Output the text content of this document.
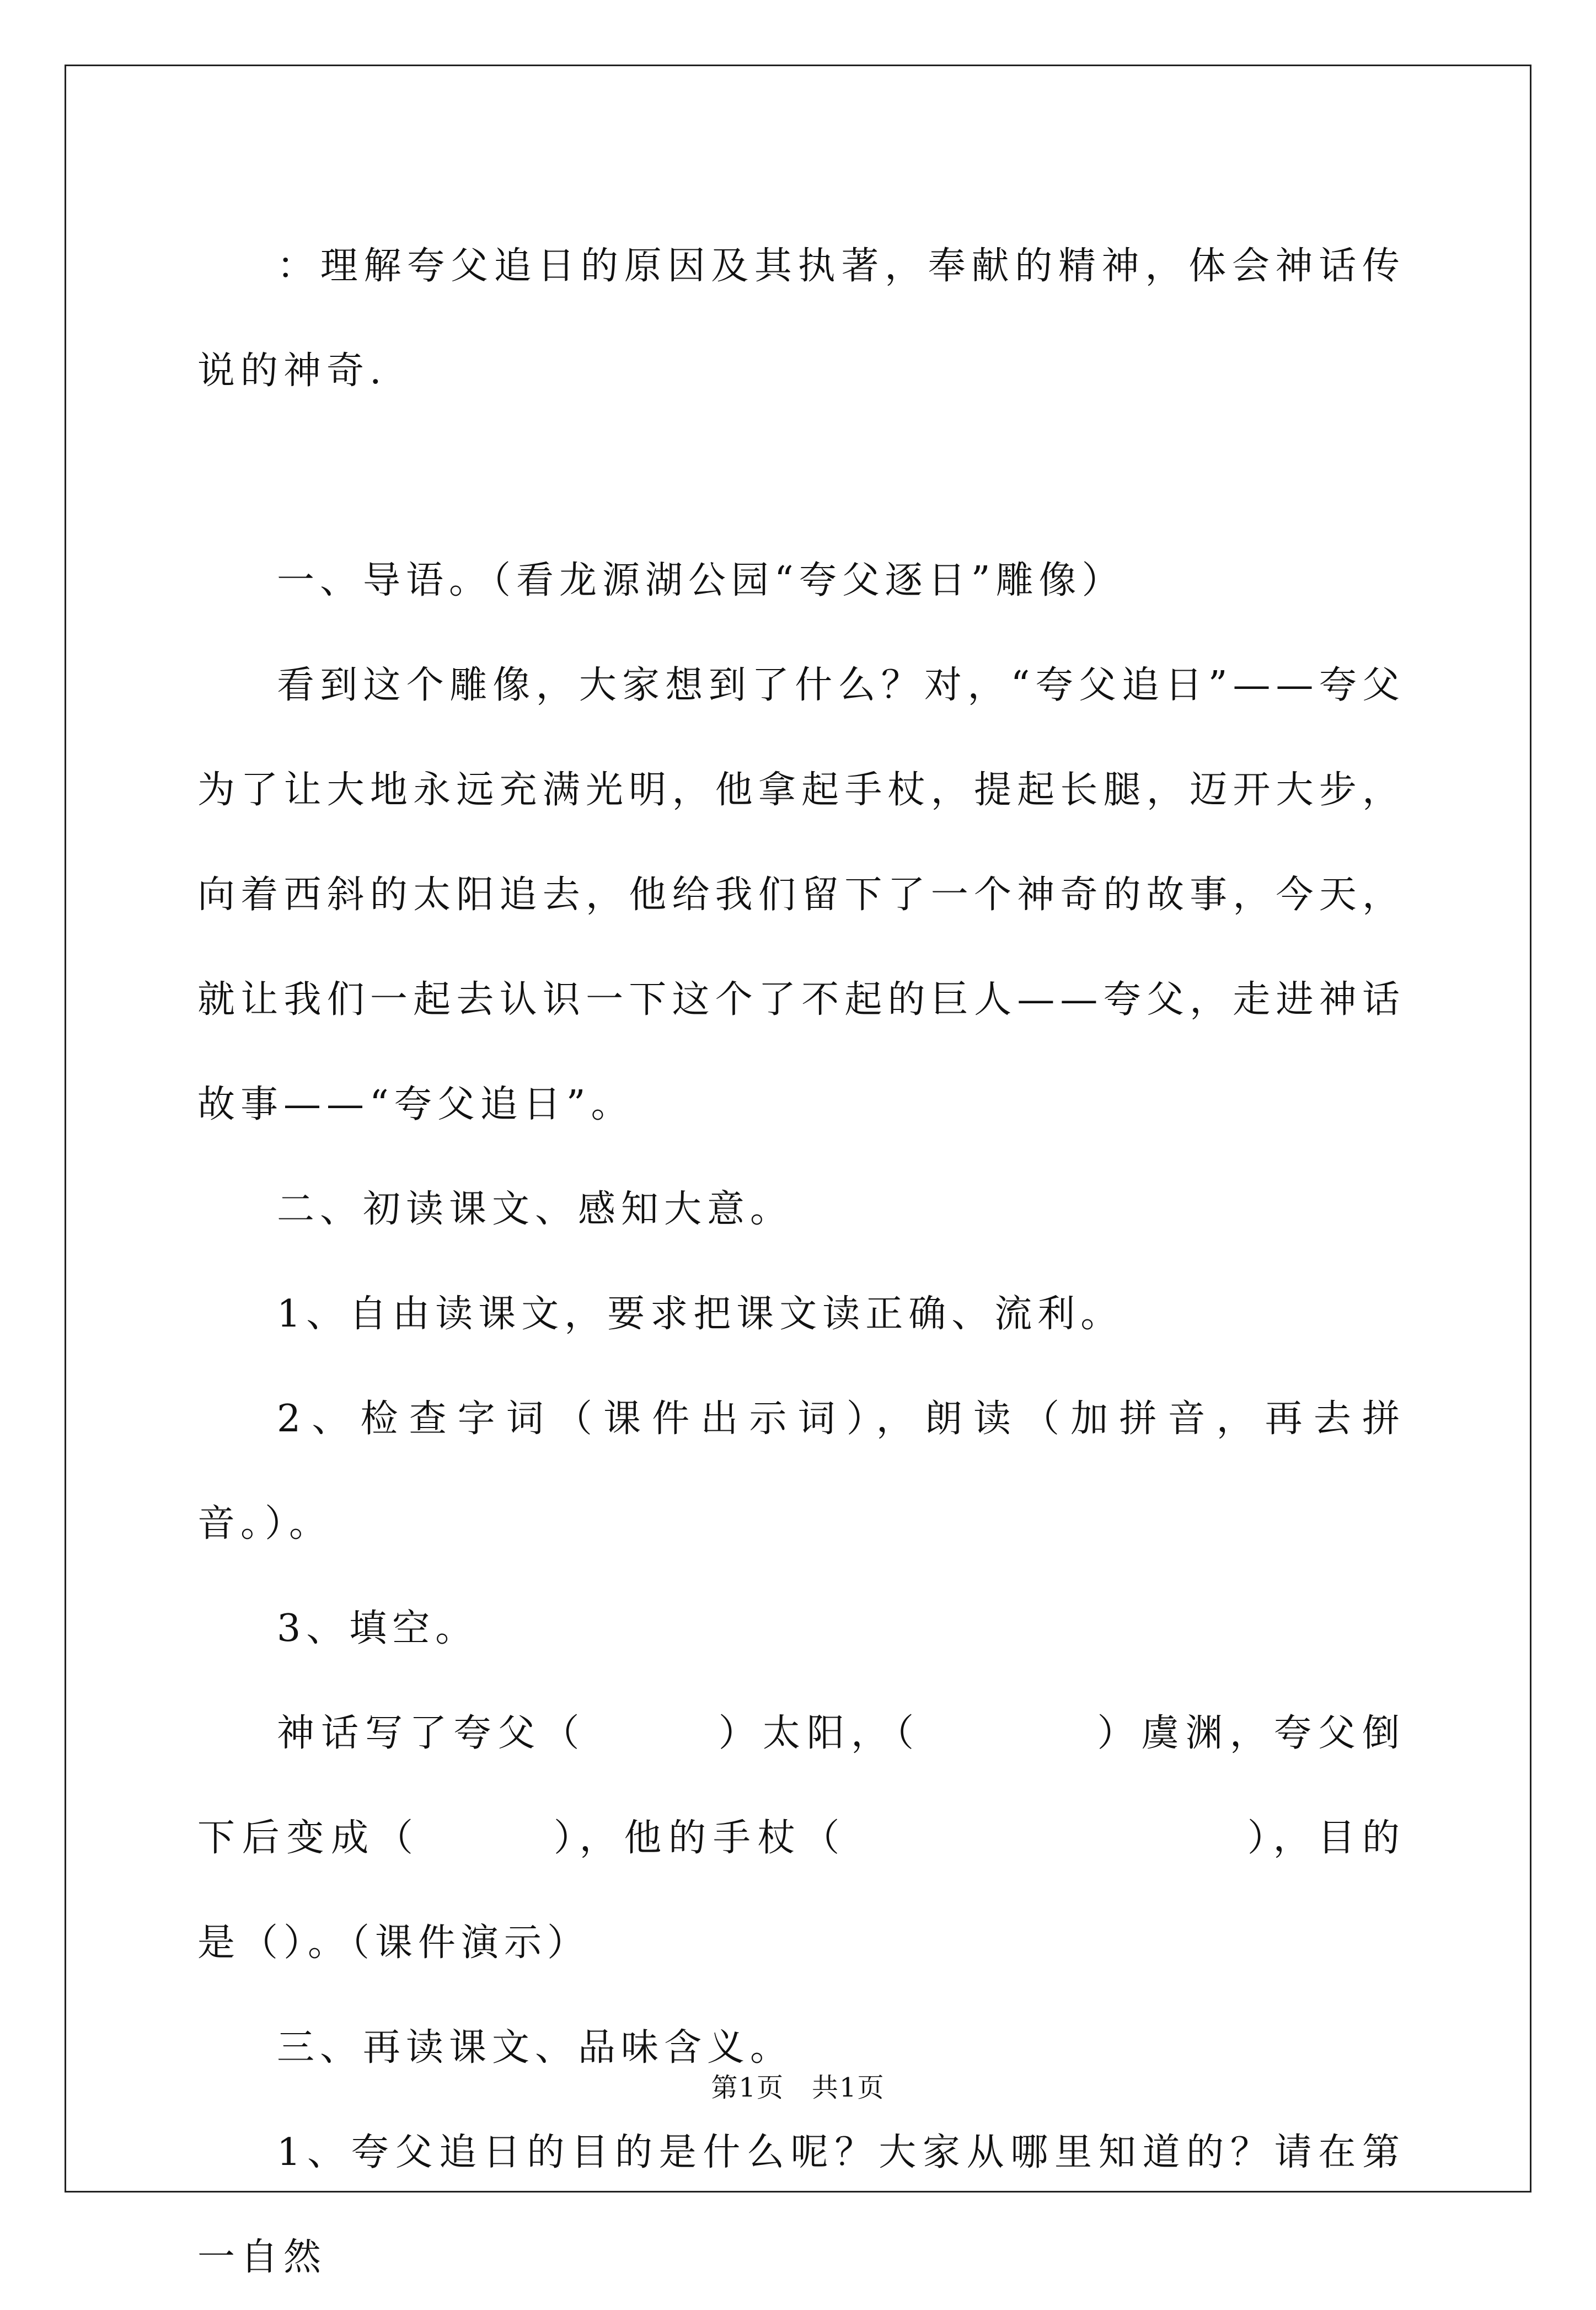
：理解夸父追日的原因及其执著，奉献的精神，体会神话传说的神奇.

一、导语。（看龙源湖公园“夸父逐日”雕像）

看到这个雕像，大家想到了什么？对，“夸父追日”——夸父为了让大地永远充满光明，他拿起手杖，提起长腿，迈开大步，向着西斜的太阳追去，他给我们留下了一个神奇的故事，今天，就让我们一起去认识一下这个了不起的巨人——夸父，走进神话故事——“夸父追日”。

二、初读课文、感知大意。

1、自由读课文，要求把课文读正确、流利。

2、检查字词（课件出示词），朗读（加拼音，再去拼音。）。

3、填空。

神话写了夸父（　　　）太阳，（　　　　）虞渊，夸父倒下后变成（　　　），他的手杖（　　　　　　　　　），目的是（）。（课件演示）

三、再读课文、品味含义。

1、夸父追日的目的是什么呢？大家从哪里知道的？请在第一自然

第1页　共1页
